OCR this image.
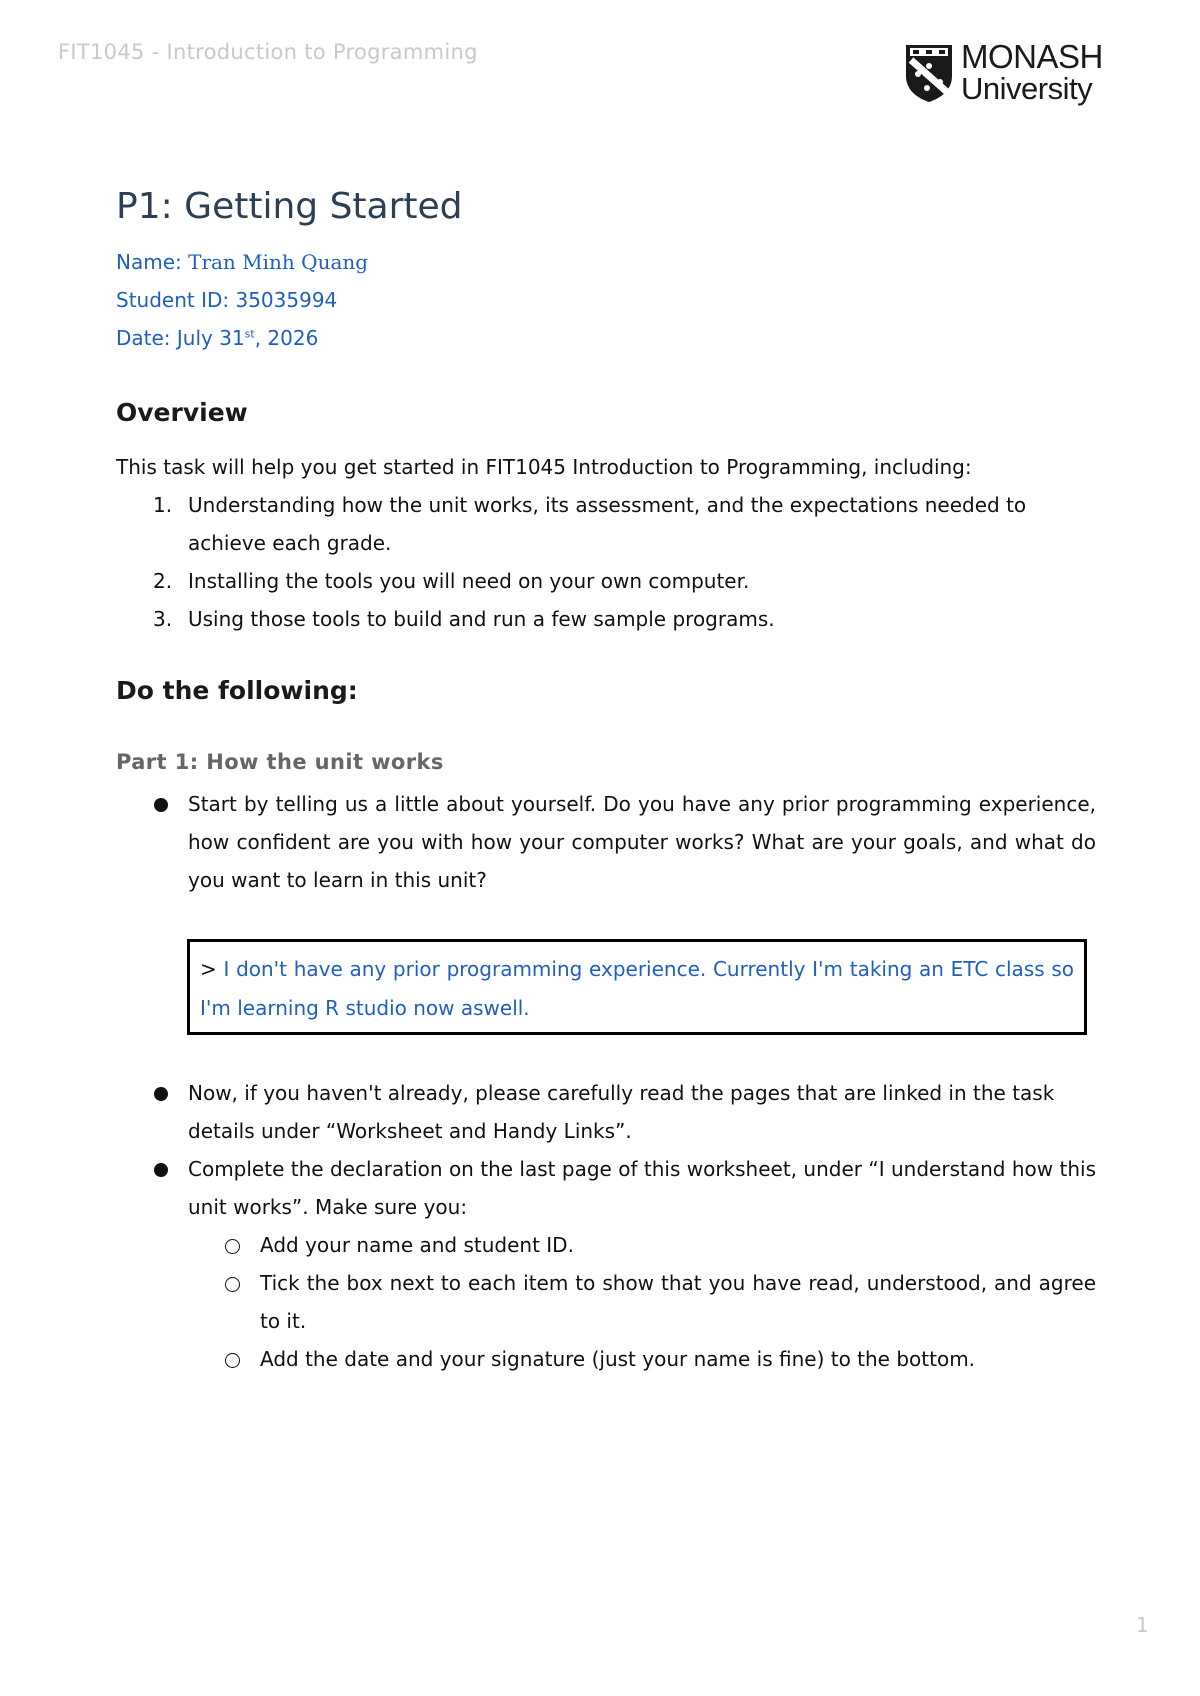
FIT1045 - Introduction to Programming	MONASH
University
P1: Getting Started
Name: Tran Minh Quang
Student ID: 35035994
Date: July 31st, 2026
Overview
This task will help you get started in FIT1045 Introduction to Programming, including:
1. Understanding how the unit works, its assessment, and the expectations needed to achieve each grade.
2. Installing the tools you will need on your own computer.
3. Using those tools to build and run a few sample programs.
Do the following:
Part 1: How the unit works
Start by telling us a little about yourself. Do you have any prior programming experience, how confident are you with how your computer works? What are your goals, and what do you want to learn in this unit?
> I don't have any prior programming experience. Currently I'm taking an ETC class so I'm learning R studio now aswell.
Now, if you haven't already, please carefully read the pages that are linked in the task details under “Worksheet and Handy Links”.
Complete the declaration on the last page of this worksheet, under “I understand how this unit works”. Make sure you:
Add your name and student ID.
Tick the box next to each item to show that you have read, understood, and agree to it.
Add the date and your signature (just your name is fine) to the bottom.
1
